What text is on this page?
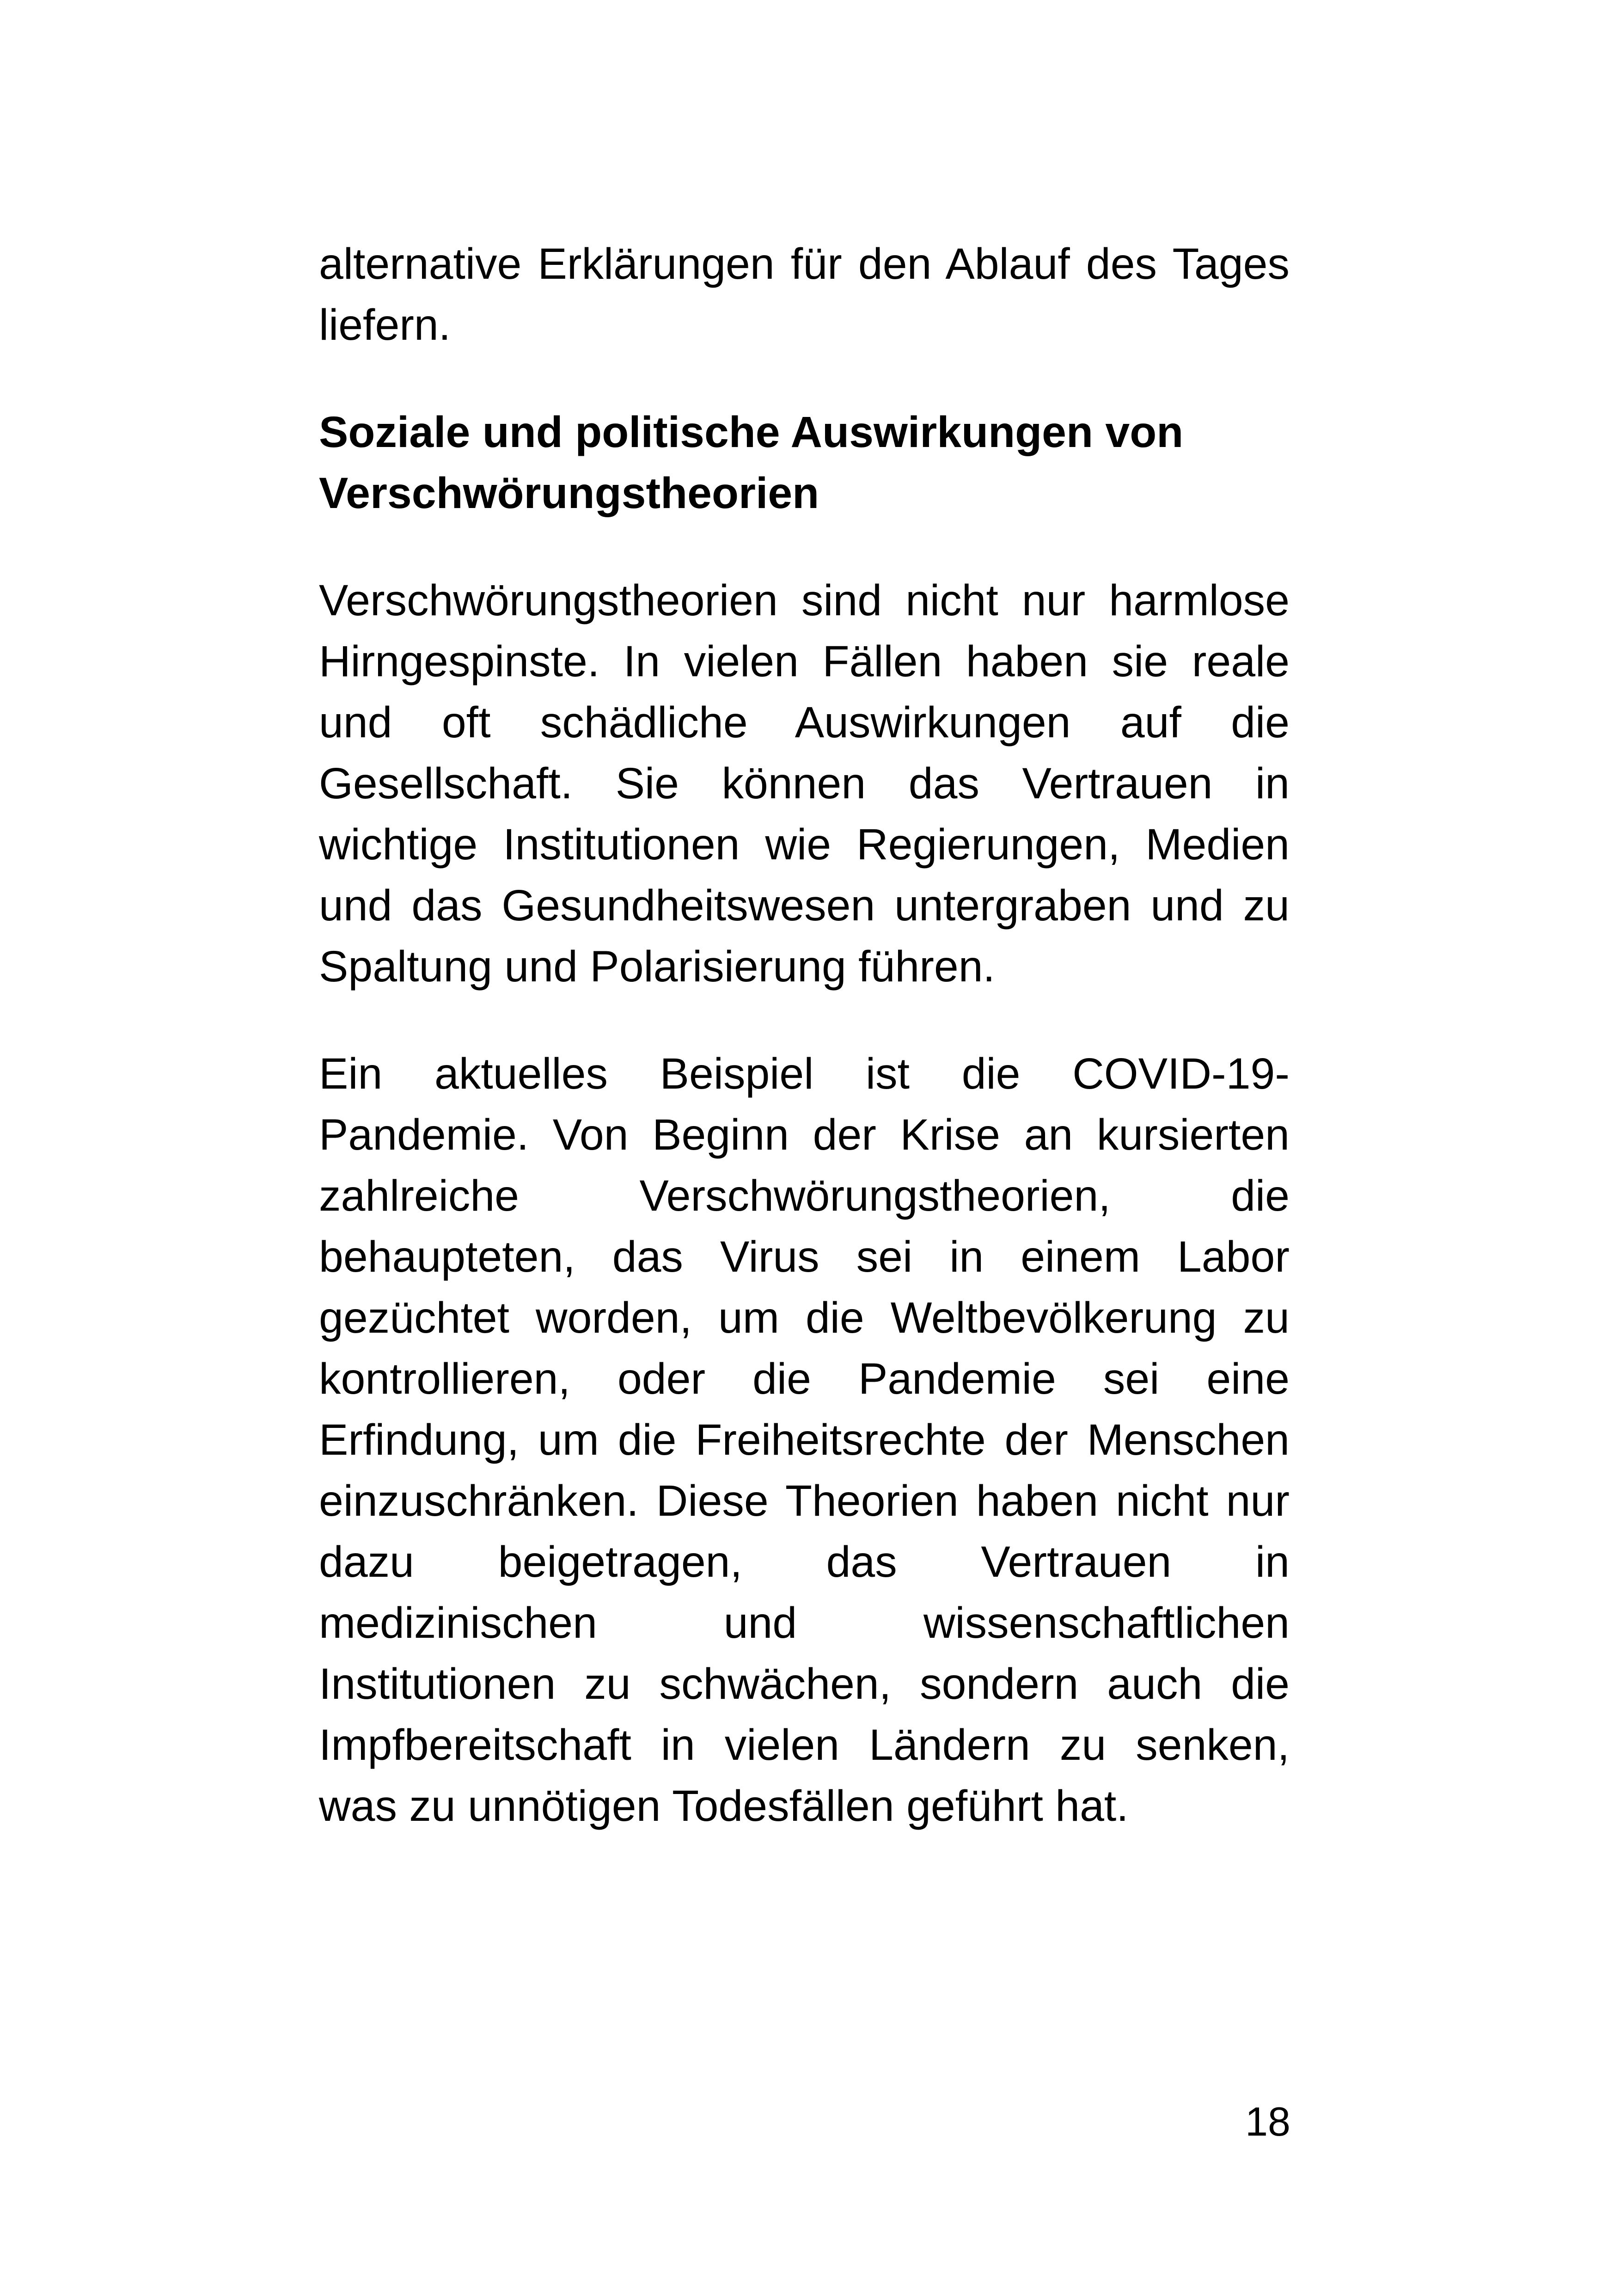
alternative Erklärungen für den Ablauf des Tages liefern.

Soziale und politische Auswirkungen von Verschwörungstheorien

Verschwörungstheorien sind nicht nur harmlose Hirngespinste. In vielen Fällen haben sie reale und oft schädliche Auswirkungen auf die Gesellschaft. Sie können das Vertrauen in wichtige Institutionen wie Regierungen, Medien und das Gesundheitswesen untergraben und zu Spaltung und Polarisierung führen.

Ein aktuelles Beispiel ist die COVID-19-Pandemie. Von Beginn der Krise an kursierten zahlreiche Verschwörungstheorien, die behaupteten, das Virus sei in einem Labor gezüchtet worden, um die Weltbevölkerung zu kontrollieren, oder die Pandemie sei eine Erfindung, um die Freiheitsrechte der Menschen einzuschränken. Diese Theorien haben nicht nur dazu beigetragen, das Vertrauen in medizinischen und wissenschaftlichen Institutionen zu schwächen, sondern auch die Impfbereitschaft in vielen Ländern zu senken, was zu unnötigen Todesfällen geführt hat.

18
